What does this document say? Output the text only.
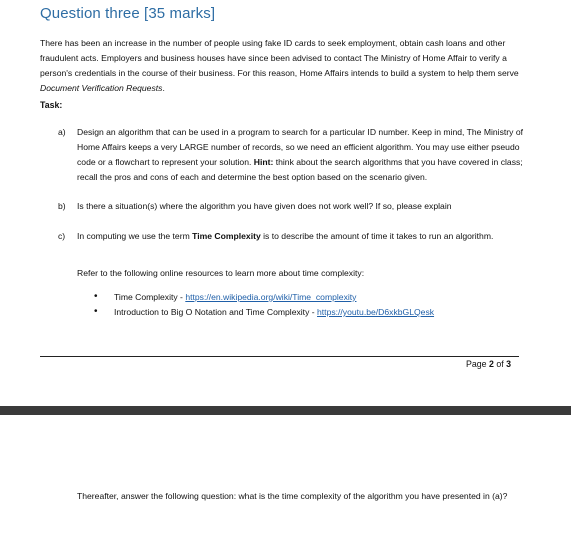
Question three [35 marks]
There has been an increase in the number of people using fake ID cards to seek employment, obtain cash loans and other fraudulent acts. Employers and business houses have since been advised to contact The Ministry of Home Affair to verify a person's credentials in the course of their business. For this reason, Home Affairs intends to build a system to help them serve Document Verification Requests.
Task:
a) Design an algorithm that can be used in a program to search for a particular ID number. Keep in mind, The Ministry of Home Affairs keeps a very LARGE number of records, so we need an efficient algorithm. You may use either pseudo code or a flowchart to represent your solution. Hint: think about the search algorithms that you have covered in class; recall the pros and cons of each and determine the best option based on the scenario given.
b) Is there a situation(s) where the algorithm you have given does not work well? If so, please explain
c) In computing we use the term Time Complexity is to describe the amount of time it takes to run an algorithm.
Refer to the following online resources to learn more about time complexity:
• Time Complexity - https://en.wikipedia.org/wiki/Time_complexity
• Introduction to Big O Notation and Time Complexity - https://youtu.be/D6xkbGLQesk
Page 2 of 3
Thereafter, answer the following question: what is the time complexity of the algorithm you have presented in (a)?
